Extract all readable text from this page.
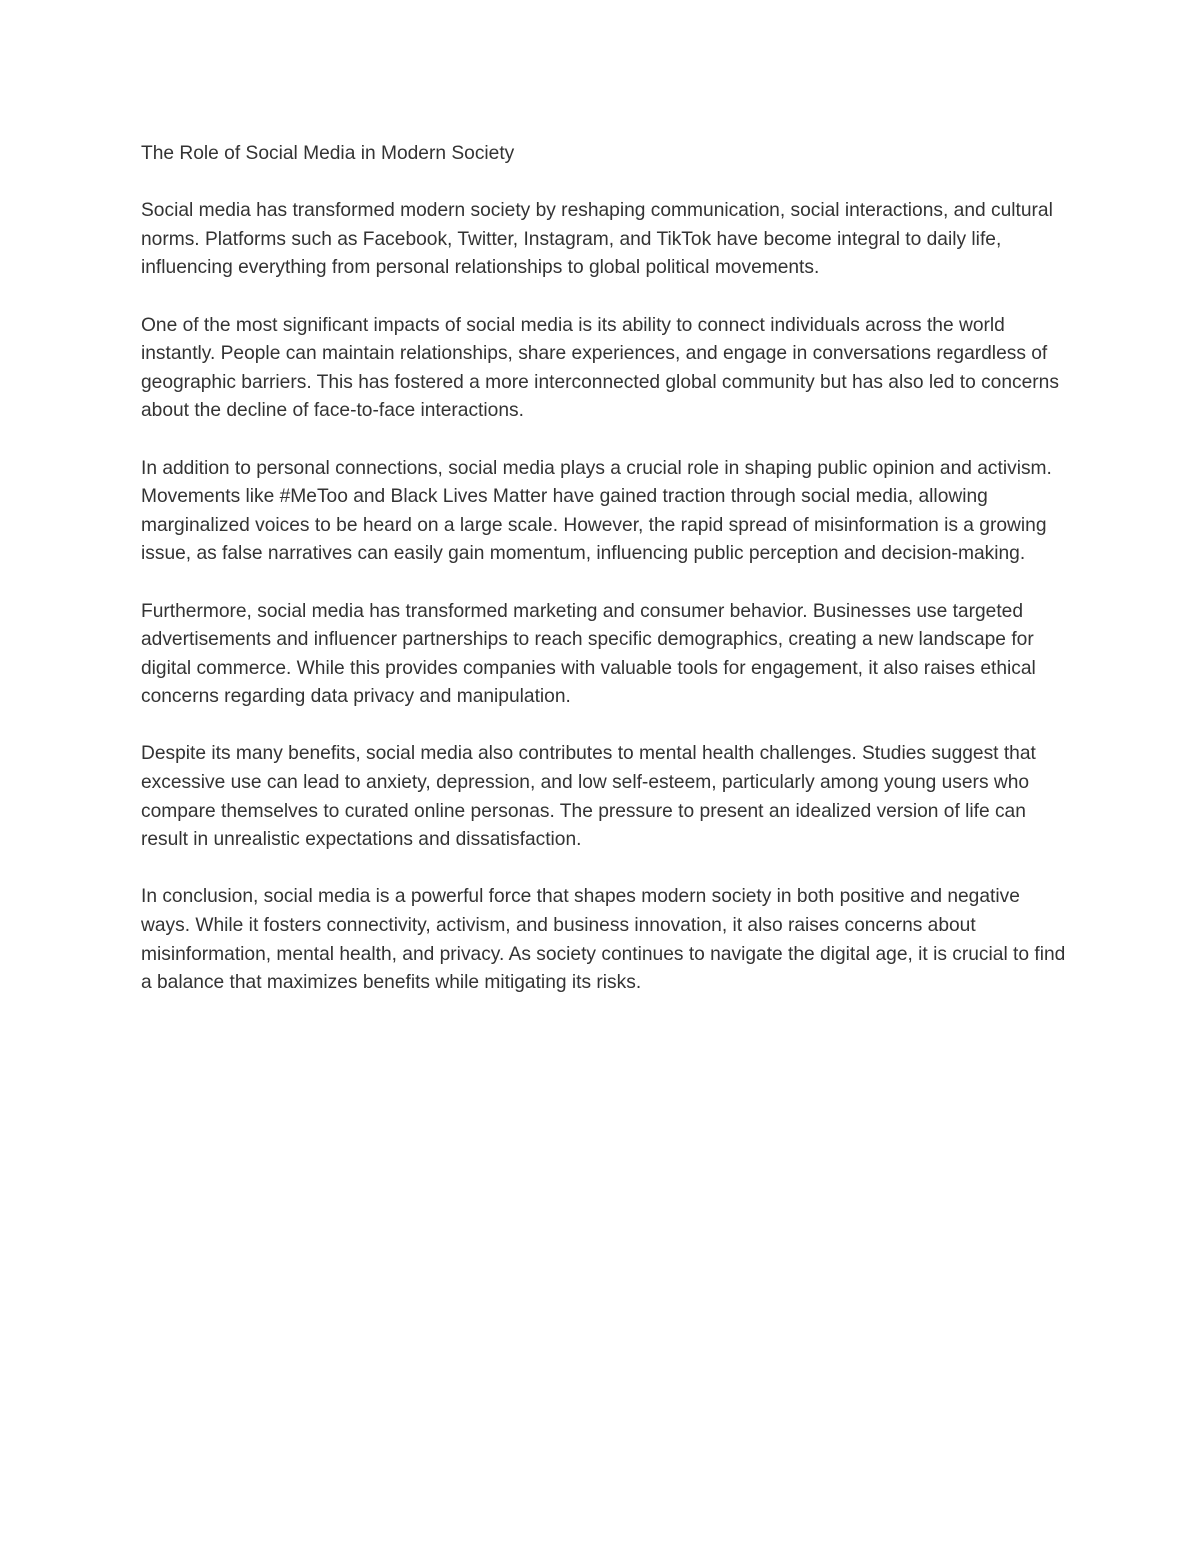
The Role of Social Media in Modern Society

Social media has transformed modern society by reshaping communication, social interactions, and cultural norms. Platforms such as Facebook, Twitter, Instagram, and TikTok have become integral to daily life, influencing everything from personal relationships to global political movements.

One of the most significant impacts of social media is its ability to connect individuals across the world instantly. People can maintain relationships, share experiences, and engage in conversations regardless of geographic barriers. This has fostered a more interconnected global community but has also led to concerns about the decline of face-to-face interactions.

In addition to personal connections, social media plays a crucial role in shaping public opinion and activism. Movements like #MeToo and Black Lives Matter have gained traction through social media, allowing marginalized voices to be heard on a large scale. However, the rapid spread of misinformation is a growing issue, as false narratives can easily gain momentum, influencing public perception and decision-making.

Furthermore, social media has transformed marketing and consumer behavior. Businesses use targeted advertisements and influencer partnerships to reach specific demographics, creating a new landscape for digital commerce. While this provides companies with valuable tools for engagement, it also raises ethical concerns regarding data privacy and manipulation.

Despite its many benefits, social media also contributes to mental health challenges. Studies suggest that excessive use can lead to anxiety, depression, and low self-esteem, particularly among young users who compare themselves to curated online personas. The pressure to present an idealized version of life can result in unrealistic expectations and dissatisfaction.

In conclusion, social media is a powerful force that shapes modern society in both positive and negative ways. While it fosters connectivity, activism, and business innovation, it also raises concerns about misinformation, mental health, and privacy. As society continues to navigate the digital age, it is crucial to find a balance that maximizes benefits while mitigating its risks.
